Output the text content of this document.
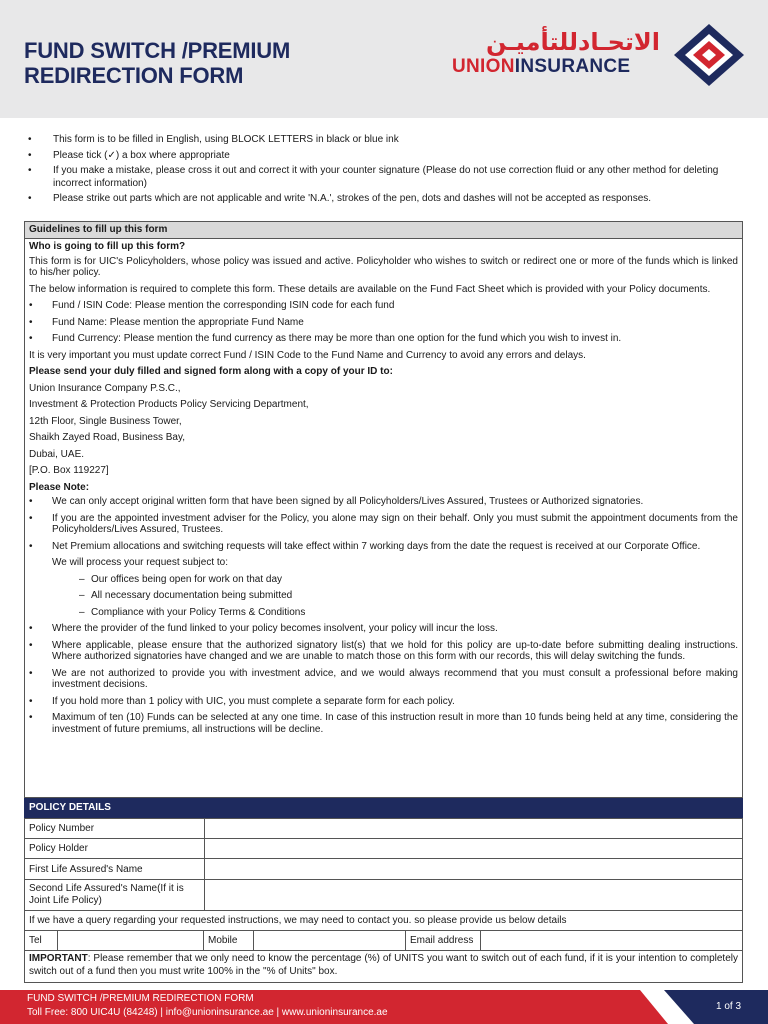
FUND SWITCH /PREMIUM
REDIRECTION FORM
الاتحـادللتأميـن
UNIONINSURANCE
• This form is to be filled in English, using BLOCK LETTERS in black or blue ink
• Please tick (✓) a box where appropriate
• If you make a mistake, please cross it out and correct it with your counter signature (Please do not use correction fluid or any other method for deleting incorrect information)
• Please strike out parts which are not applicable and write 'N.A.', strokes of the pen, dots and dashes will not be accepted as responses.
Guidelines to fill up this form

Who is going to fill up this form?

This form is for UIC's Policyholders, whose policy was issued and active. Policyholder who wishes to switch or redirect one or more of the funds which is linked to his/her policy.

The below information is required to complete this form. These details are available on the Fund Fact Sheet which is provided with your Policy documents.

• Fund / ISIN Code: Please mention the corresponding ISIN code for each fund
• Fund Name: Please mention the appropriate Fund Name
• Fund Currency: Please mention the fund currency as there may be more than one option for the fund which you wish to invest in.

It is very important you must update correct Fund / ISIN Code to the Fund Name and Currency to avoid any errors and delays.

Please send your duly filled and signed form along with a copy of your ID to:

Union Insurance Company P.S.C.,
Investment & Protection Products Policy Servicing Department,
12th Floor, Single Business Tower,
Shaikh Zayed Road, Business Bay,
Dubai, UAE.
[P.O. Box 119227]

Please Note:

• We can only accept original written form that have been signed by all Policyholders/Lives Assured, Trustees or Authorized signatories.
• If you are the appointed investment adviser for the Policy, you alone may sign on their behalf. Only you must submit the appointment documents from the Policyholders/Lives Assured, Trustees.
• Net Premium allocations and switching requests will take effect within 7 working days from the date the request is received at our Corporate Office.
We will process your request subject to:
– Our offices being open for work on that day
– All necessary documentation being submitted
– Compliance with your Policy Terms & Conditions
• Where the provider of the fund linked to your policy becomes insolvent, your policy will incur the loss.
• Where applicable, please ensure that the authorized signatory list(s) that we hold for this policy are up-to-date before submitting dealing instructions. Where authorized signatories have changed and we are unable to match those on this form with our records, this will delay switching the funds.
• We are not authorized to provide you with investment advice, and we would always recommend that you must consult a professional before making investment decisions.
• If you hold more than 1 policy with UIC, you must complete a separate form for each policy.
• Maximum of ten (10) Funds can be selected at any one time. In case of this instruction result in more than 10 funds being held at any time, considering the investment of future premiums, all instructions will be decline.
POLICY DETAILS
Policy Number	
Policy Holder	
First Life Assured's Name	
Second Life Assured's Name(If it is Joint Life Policy)	
If we have a query regarding your requested instructions, we may need to contact you. so please provide us below details
Tel		Mobile		Email address	
IMPORTANT: Please remember that we only need to know the percentage (%) of UNITS you want to switch out of each fund, if it is your intention to completely switch out of a fund then you must write 100% in the "% of Units" box.
FUND SWITCH /PREMIUM REDIRECTION FORM
Toll Free: 800 UIC4U (84248) | info@unioninsurance.ae | www.unioninsurance.ae
1 of 3
